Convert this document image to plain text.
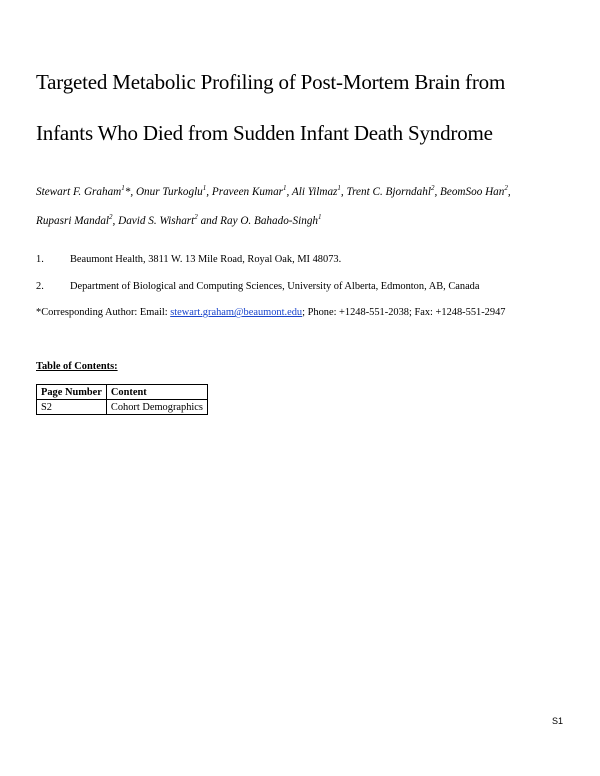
Targeted Metabolic Profiling of Post-Mortem Brain from
Infants Who Died from Sudden Infant Death Syndrome
Stewart F. Graham$^1$*, Onur Turkoglu$^1$, Praveen Kumar$^1$, Ali Yilmaz$^1$, Trent C. Bjorndahl$^2$, BeomSoo Han$^2$,
Rupasri Mandal$^2$, David S. Wishart$^2$ and Ray O. Bahado-Singh$^1$
1.	Beaumont Health, 3811 W. 13 Mile Road, Royal Oak, MI 48073.
2.	Department of Biological and Computing Sciences, University of Alberta, Edmonton, AB, Canada
*Corresponding Author: Email: stewart.graham@beaumont.edu; Phone: +1248-551-2038; Fax: +1248-551-2947
Table of Contents:
Page Number	Content
S2	Cohort Demographics
S1
